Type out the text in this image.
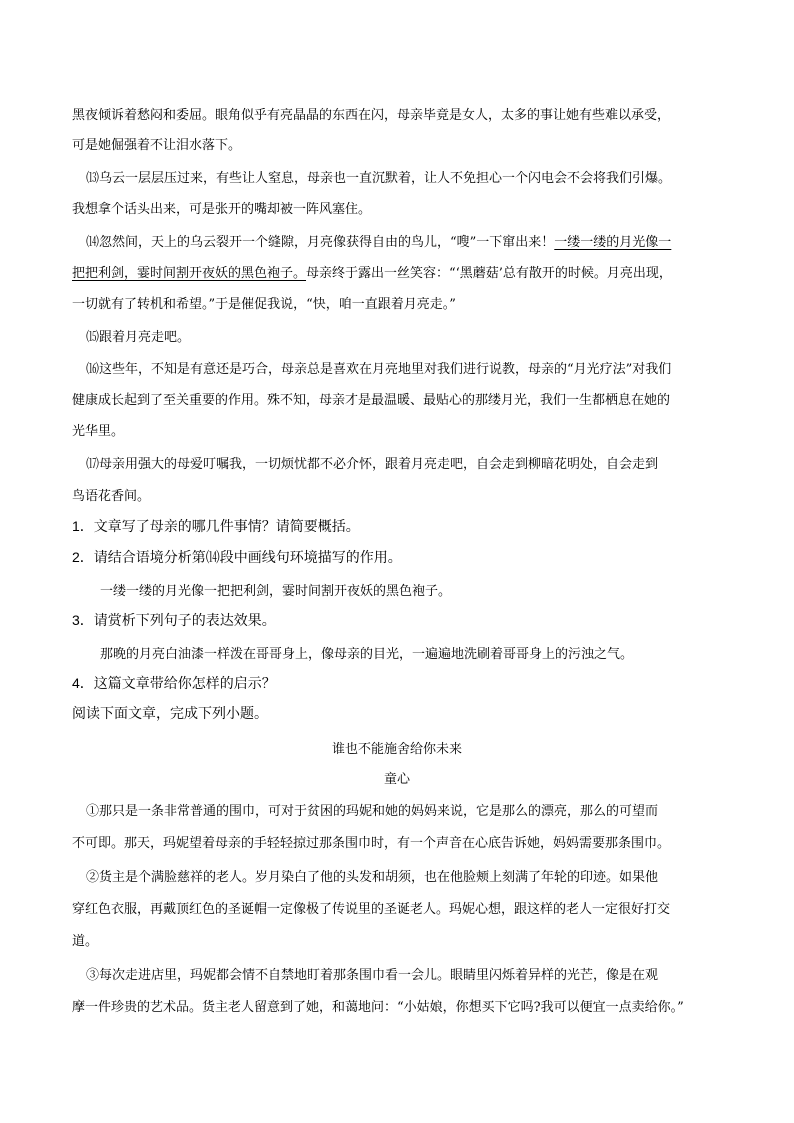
黑夜倾诉着愁闷和委屈。眼角似乎有亮晶晶的东西在闪，母亲毕竟是女人，太多的事让她有些难以承受，
可是她倔强着不让泪水落下。
⒀乌云一层层压过来，有些让人窒息，母亲也一直沉默着，让人不免担心一个闪电会不会将我们引爆。
我想拿个话头出来，可是张开的嘴却被一阵风塞住。
⒁忽然间，天上的乌云裂开一个缝隙，月亮像获得自由的鸟儿，“嗖”一下窜出来！一缕一缕的月光像一
把把利剑，霎时间割开夜妖的黑色袍子。母亲终于露出一丝笑容：“‘黑蘑菇’总有散开的时候。月亮出现，
一切就有了转机和希望。”于是催促我说，“快，咱一直跟着月亮走。”
⒂跟着月亮走吧。
⒃这些年，不知是有意还是巧合，母亲总是喜欢在月亮地里对我们进行说教，母亲的“月光疗法”对我们
健康成长起到了至关重要的作用。殊不知，母亲才是最温暖、最贴心的那缕月光，我们一生都栖息在她的
光华里。
⒄母亲用强大的母爱叮嘱我，一切烦忧都不必介怀，跟着月亮走吧，自会走到柳暗花明处，自会走到
鸟语花香间。
1．文章写了母亲的哪几件事情？请简要概括。
2．请结合语境分析第⒁段中画线句环境描写的作用。
一缕一缕的月光像一把把利剑，霎时间割开夜妖的黑色袍子。
3．请赏析下列句子的表达效果。
那晚的月亮白油漆一样泼在哥哥身上，像母亲的目光，一遍遍地洗刷着哥哥身上的污浊之气。
4．这篇文章带给你怎样的启示？
阅读下面文章，完成下列小题。
谁也不能施舍给你未来
童心
①那只是一条非常普通的围巾，可对于贫困的玛妮和她的妈妈来说，它是那么的漂亮，那么的可望而
不可即。那天，玛妮望着母亲的手轻轻掠过那条围巾时，有一个声音在心底告诉她，妈妈需要那条围巾。
②货主是个满脸慈祥的老人。岁月染白了他的头发和胡须，也在他脸颊上刻满了年轮的印迹。如果他
穿红色衣服，再戴顶红色的圣诞帽一定像极了传说里的圣诞老人。玛妮心想，跟这样的老人一定很好打交
道。
③每次走进店里，玛妮都会情不自禁地盯着那条围巾看一会儿。眼睛里闪烁着异样的光芒，像是在观
摩一件珍贵的艺术品。货主老人留意到了她，和蔼地问：“小姑娘，你想买下它吗?我可以便宜一点卖给你。”
